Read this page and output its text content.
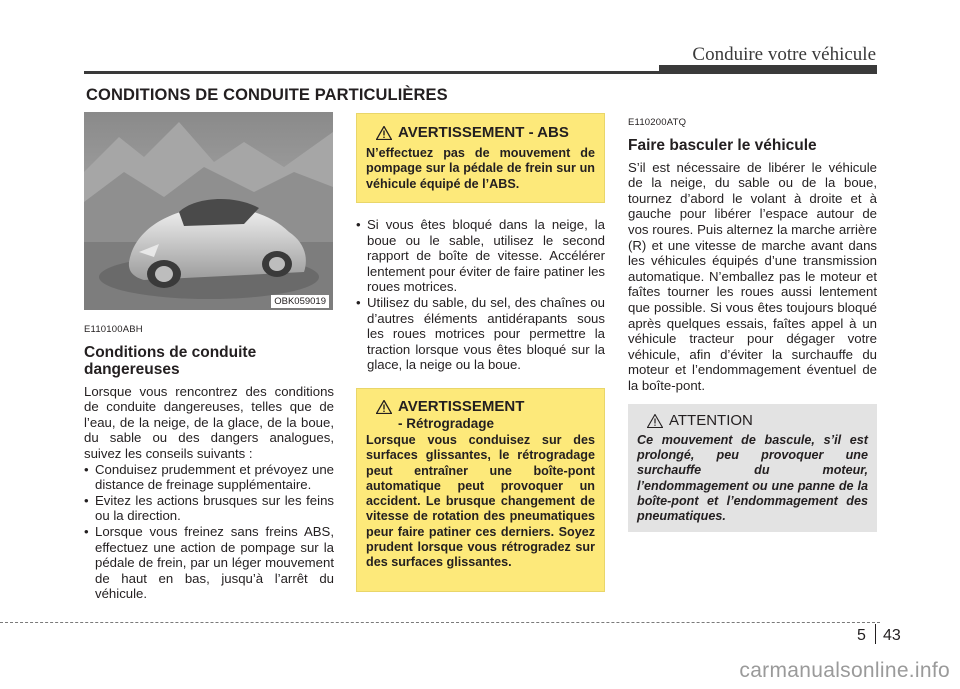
Conduire votre véhicule
CONDITIONS DE CONDUITE PARTICULIÈRES
OBK059019
E110100ABH
Conditions de conduite dangereuses

Lorsque vous rencontrez des conditions de conduite dangereuses, telles que de l’eau, de la neige, de la glace, de la boue, du sable ou des dangers analogues, suivez les conseils suivants :

• Conduisez prudemment et prévoyez une distance de freinage supplémentaire.
• Evitez les actions brusques sur les feins ou la direction.
• Lorsque vous freinez sans freins ABS, effectuez une action de pompage sur la pédale de frein, par un léger mouvement de haut en bas, jusqu’à l’arrêt du véhicule.
AVERTISSEMENT - ABS
N’effectuez pas de mouvement de pompage sur la pédale de frein sur un véhicule équipé de l’ABS.
• Si vous êtes bloqué dans la neige, la boue ou le sable, utilisez le second rapport de boîte de vitesse. Accélérer lentement pour éviter de faire patiner les roues motrices.
• Utilisez du sable, du sel, des chaînes ou d’autres éléments antidérapants sous les roues motrices pour permettre la traction lorsque vous êtes bloqué sur la glace, la neige ou la boue.
AVERTISSEMENT
- Rétrogradage
Lorsque vous conduisez sur des surfaces glissantes, le rétrogradage peut entraîner une boîte-pont automatique peut provoquer un accident. Le brusque changement de vitesse de rotation des pneumatiques peur faire patiner ces derniers. Soyez prudent lorsque vous rétrogradez sur des surfaces glissantes.
E110200ATQ
Faire basculer le véhicule

S’il est nécessaire de libérer le véhicule de la neige, du sable ou de la boue, tournez d’abord le volant à droite et à gauche pour libérer l’espace autour de vos roures. Puis alternez la marche arrière (R) et une vitesse de marche avant dans les véhicules équipés d’une transmission automatique. N’emballez pas le moteur et faîtes tourner les roues aussi lentement que possible. Si vous êtes toujours bloqué après quelques essais, faîtes appel à un véhicule tracteur pour dégager votre véhicule, afin d’éviter la surchauffe du moteur et l’endommagement éventuel de la boîte-pont.

ATTENTION
Ce mouvement de bascule, s’il est prolongé, peu provoquer une surchauffe du moteur, l’endommagement ou une panne de la boîte-pont et l’endommagement des pneumatiques.
5 43
carmanualsonline.info
